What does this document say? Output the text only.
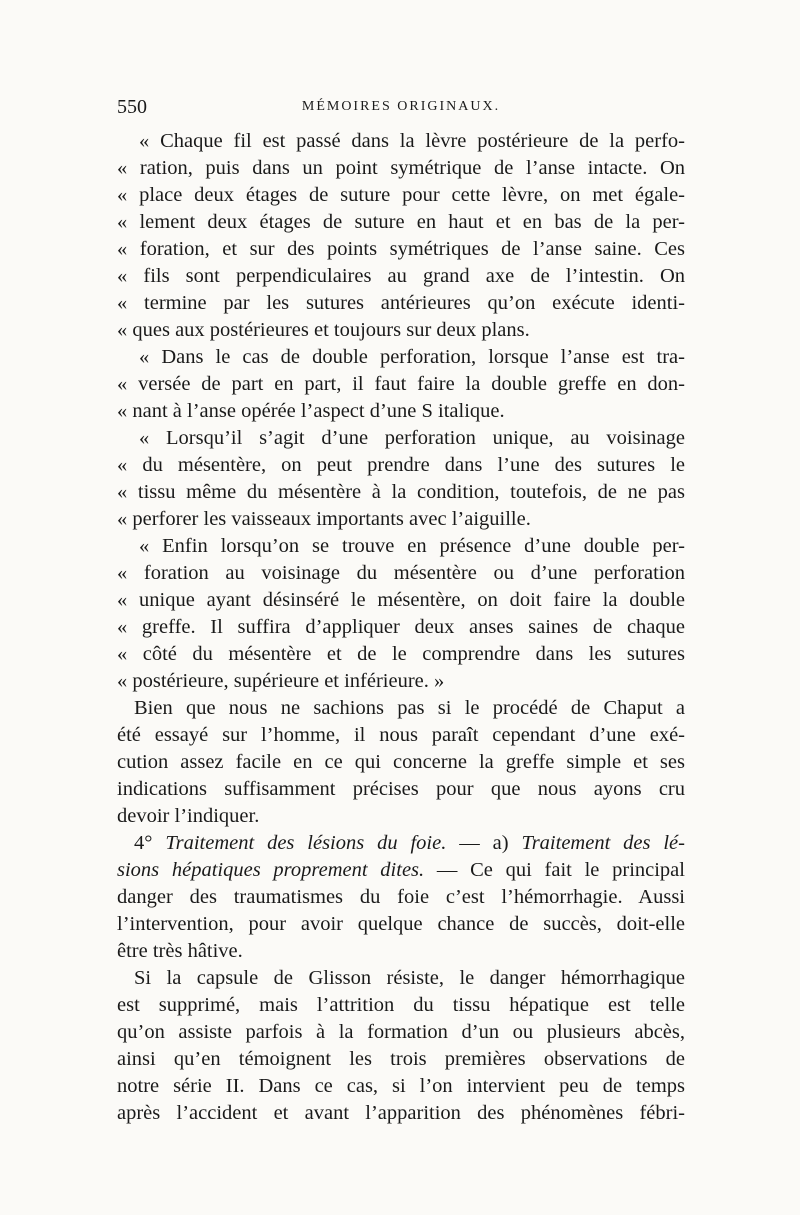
550	MÉMOIRES ORIGINAUX.
« Chaque fil est passé dans la lèvre postérieure de la perfo-
« ration, puis dans un point symétrique de l’anse intacte. On
« place deux étages de suture pour cette lèvre, on met égale-
« lement deux étages de suture en haut et en bas de la per-
« foration, et sur des points symétriques de l’anse saine. Ces
« fils sont perpendiculaires au grand axe de l’intestin. On
« termine par les sutures antérieures qu’on exécute identi-
« ques aux postérieures et toujours sur deux plans.
« Dans le cas de double perforation, lorsque l’anse est tra-
« versée de part en part, il faut faire la double greffe en don-
« nant à l’anse opérée l’aspect d’une S italique.
« Lorsqu’il s’agit d’une perforation unique, au voisinage
« du mésentère, on peut prendre dans l’une des sutures le
« tissu même du mésentère à la condition, toutefois, de ne pas
« perforer les vaisseaux importants avec l’aiguille.
« Enfin lorsqu’on se trouve en présence d’une double per-
« foration au voisinage du mésentère ou d’une perforation
« unique ayant désinséré le mésentère, on doit faire la double
« greffe. Il suffira d’appliquer deux anses saines de chaque
« côté du mésentère et de le comprendre dans les sutures
« postérieure, supérieure et inférieure. »
Bien que nous ne sachions pas si le procédé de Chaput a
été essayé sur l’homme, il nous paraît cependant d’une exé-
cution assez facile en ce qui concerne la greffe simple et ses
indications suffisamment précises pour que nous ayons cru
devoir l’indiquer.
4° Traitement des lésions du foie. — a) Traitement des lé-
sions hépatiques proprement dites. — Ce qui fait le principal
danger des traumatismes du foie c’est l’hémorrhagie. Aussi
l’intervention, pour avoir quelque chance de succès, doit-elle
être très hâtive.
Si la capsule de Glisson résiste, le danger hémorrhagique
est supprimé, mais l’attrition du tissu hépatique est telle
qu’on assiste parfois à la formation d’un ou plusieurs abcès,
ainsi qu’en témoignent les trois premières observations de
notre série II. Dans ce cas, si l’on intervient peu de temps
après l’accident et avant l’apparition des phénomènes fébri-
